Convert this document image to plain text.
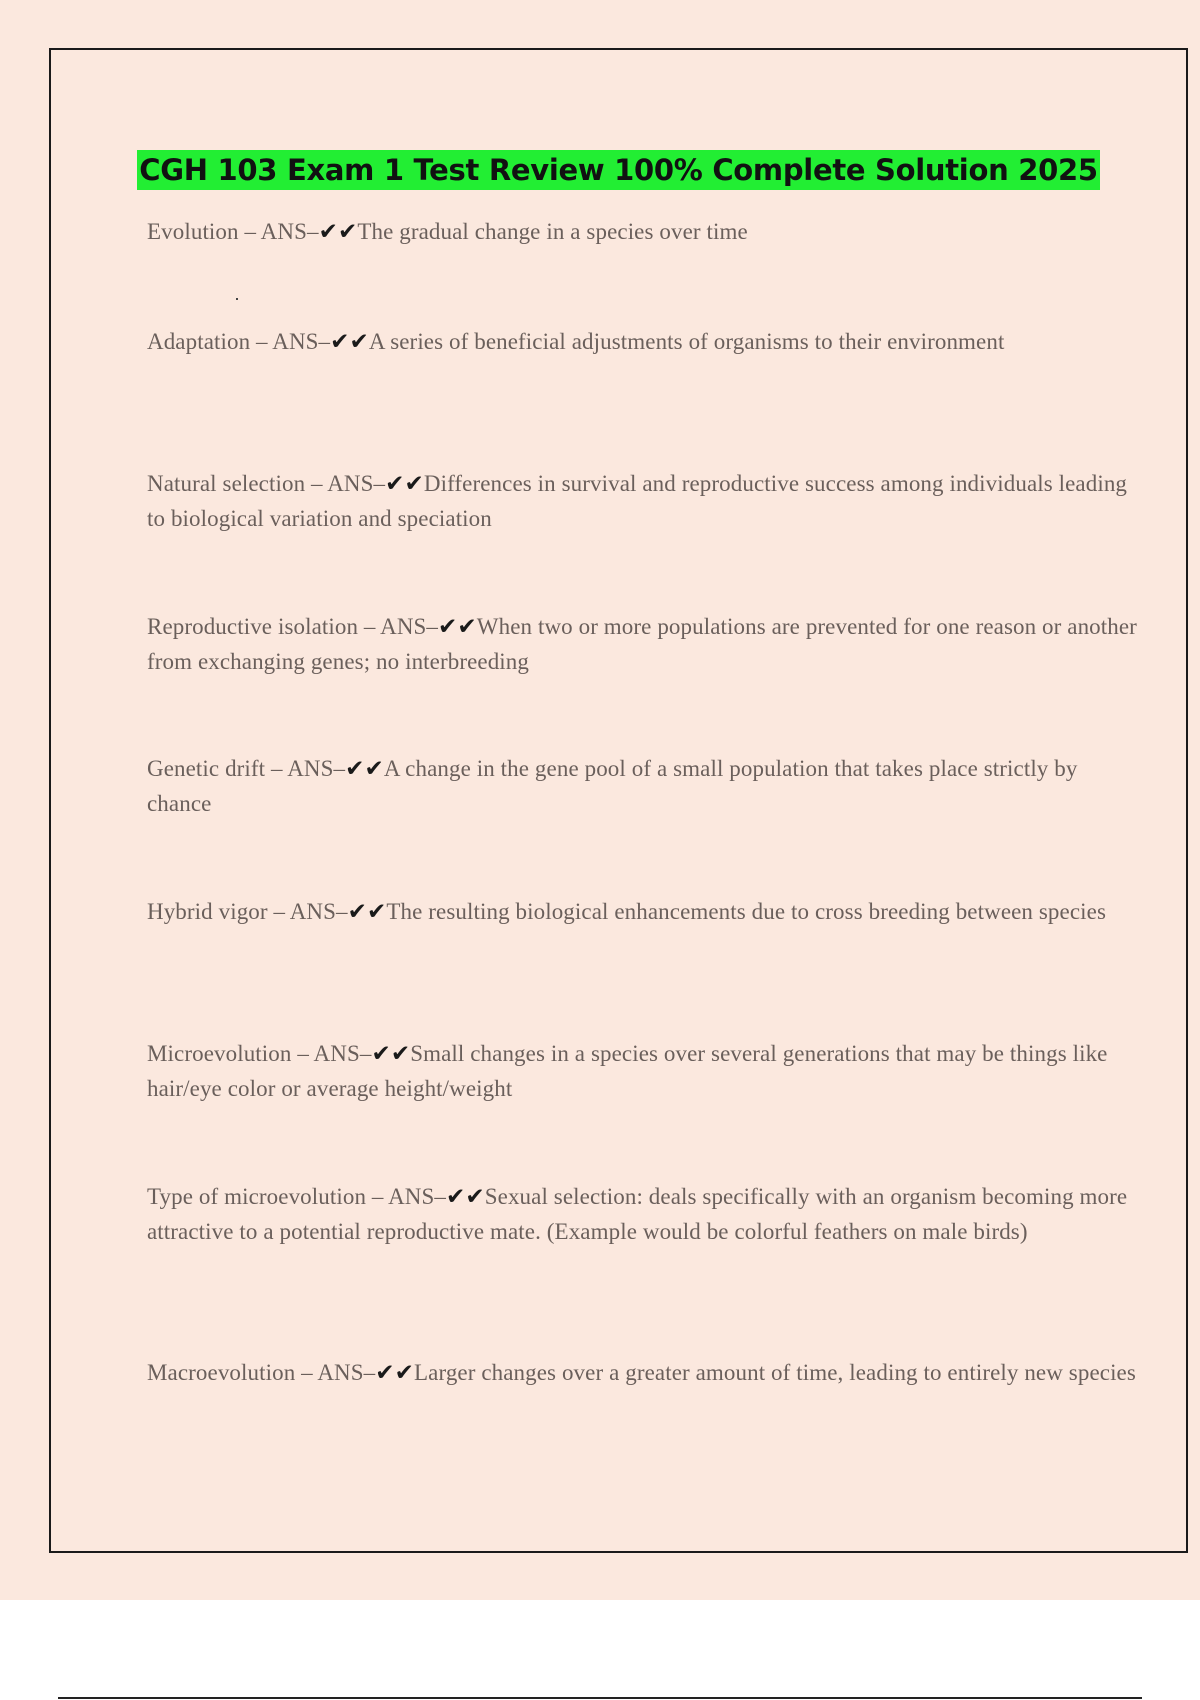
CGH 103 Exam 1 Test Review 100% Complete Solution 2025
Evolution – ANS–✔✔The gradual change in a species over time
Adaptation – ANS–✔✔A series of beneficial adjustments of organisms to their environment
Natural selection – ANS–✔✔Differences in survival and reproductive success among individuals leading to biological variation and speciation
Reproductive isolation – ANS–✔✔When two or more populations are prevented for one reason or another from exchanging genes; no interbreeding
Genetic drift – ANS–✔✔A change in the gene pool of a small population that takes place strictly by chance
Hybrid vigor – ANS–✔✔The resulting biological enhancements due to cross breeding between species
Microevolution – ANS–✔✔Small changes in a species over several generations that may be things like hair/eye color or average height/weight
Type of microevolution – ANS–✔✔Sexual selection: deals specifically with an organism becoming more attractive to a potential reproductive mate. (Example would be colorful feathers on male birds)
Macroevolution – ANS–✔✔Larger changes over a greater amount of time, leading to entirely new species
